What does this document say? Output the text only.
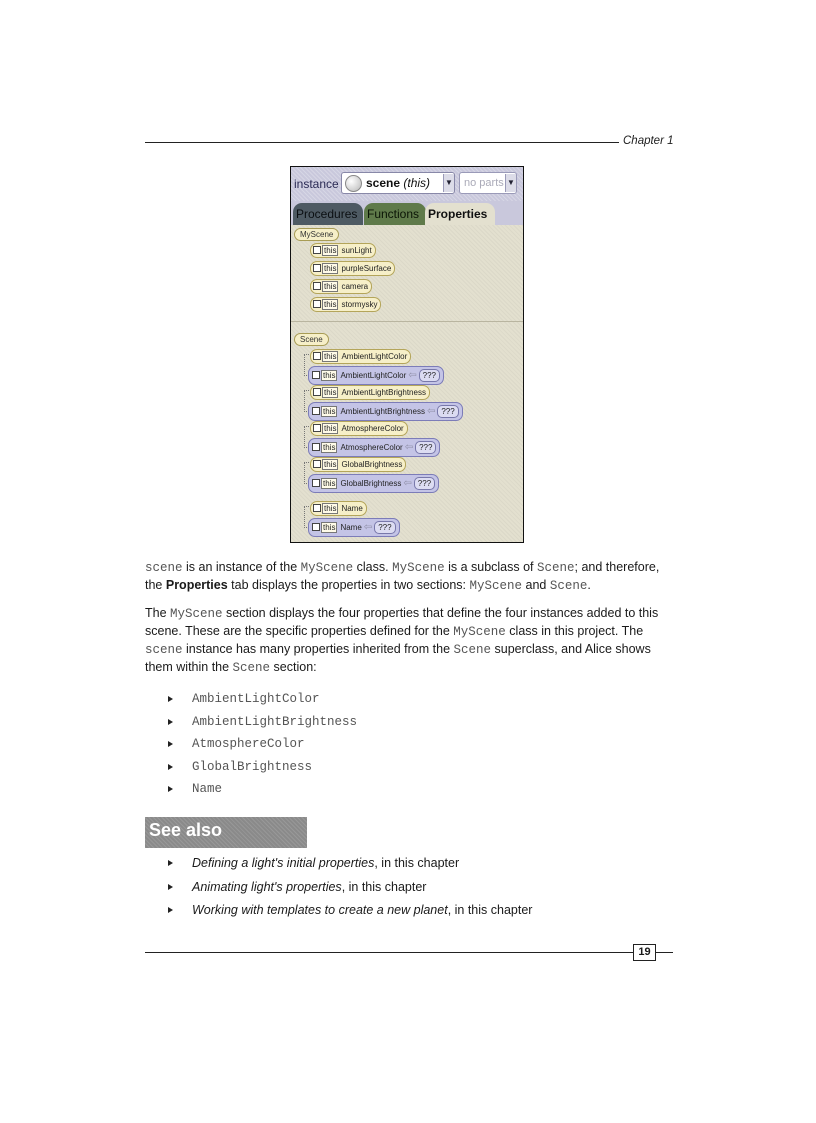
Chapter 1
instance scene (this) ▼ no parts ▼
Procedures Functions Properties
MyScene
this sunLight
this purpleSurface
this camera
this stormysky
Scene
this AmbientLightColor
this AmbientLightColor ⇦ ???
this AmbientLightBrightness
this AmbientLightBrightness ⇦ ???
this AtmosphereColor
this AtmosphereColor ⇦ ???
this GlobalBrightness
this GlobalBrightness ⇦ ???
this Name
this Name ⇦ ???

scene is an instance of the MyScene class. MyScene is a subclass of Scene; and therefore, the Properties tab displays the properties in two sections: MyScene and Scene.

The MyScene section displays the four properties that define the four instances added to this scene. These are the specific properties defined for the MyScene class in this project. The scene instance has many properties inherited from the Scene superclass, and Alice shows them within the Scene section:

AmbientLightColor
AmbientLightBrightness
AtmosphereColor
GlobalBrightness
Name
See also
Defining a light's initial properties, in this chapter
Animating light's properties, in this chapter
Working with templates to create a new planet, in this chapter
19
